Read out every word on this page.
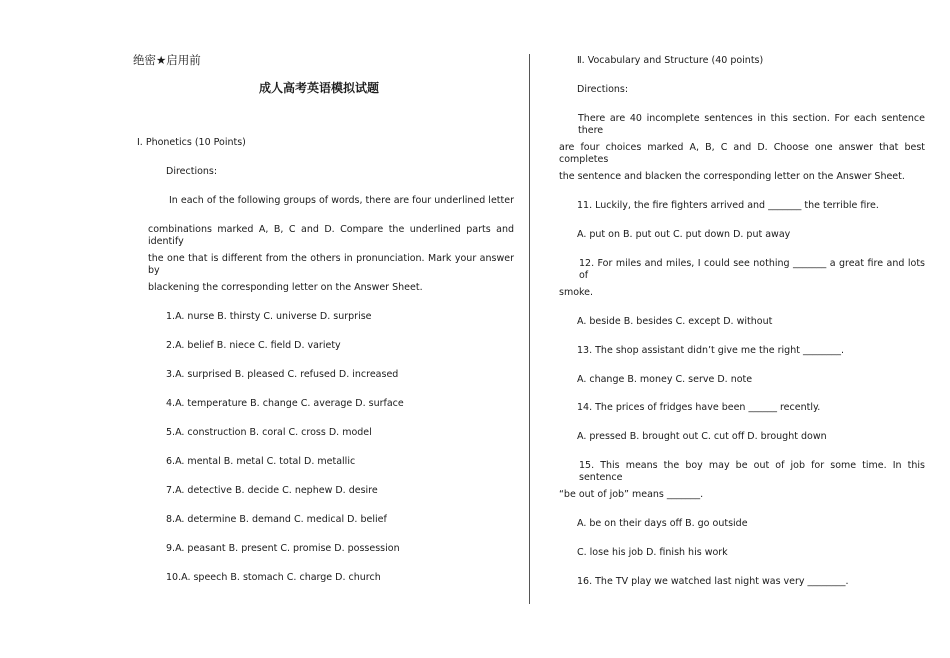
绝密★启用前
成人高考英语模拟试题
Ⅰ. Phonetics (10 Points)
Directions:
In each of the following groups of words, there are four underlined letter
combinations marked A, B, C and D. Compare the underlined parts and identify
the one that is different from the others in pronunciation. Mark your answer by
blackening the corresponding letter on the Answer Sheet.
1.A. nurse B. thirsty C. universe D. surprise
2.A. belief B. niece C. field D. variety
3.A. surprised B. pleased C. refused D. increased
4.A. temperature B. change C. average D. surface
5.A. construction B. coral C. cross D. model
6.A. mental B. metal C. total D. metallic
7.A. detective B. decide C. nephew D. desire
8.A. determine B. demand C. medical D. belief
9.A. peasant B. present C. promise D. possession
10.A. speech B. stomach C. charge D. church
Ⅱ. Vocabulary and Structure (40 points)
Directions:
There are 40 incomplete sentences in this section. For each sentence there
are four choices marked A, B, C and D. Choose one answer that best completes
the sentence and blacken the corresponding letter on the Answer Sheet.
11. Luckily, the fire fighters arrived and _______ the terrible fire.
A. put on B. put out C. put down D. put away
12. For miles and miles, I could see nothing _______ a great fire and lots of
smoke.
A. beside B. besides C. except D. without
13. The shop assistant didn’t give me the right ________.
A. change B. money C. serve D. note
14. The prices of fridges have been ______ recently.
A. pressed B. brought out C. cut off D. brought down
15. This means the boy may be out of job for some time. In this sentence
“be out of job” means _______.
A. be on their days off B. go outside
C. lose his job D. finish his work
16. The TV play we watched last night was very ________.
